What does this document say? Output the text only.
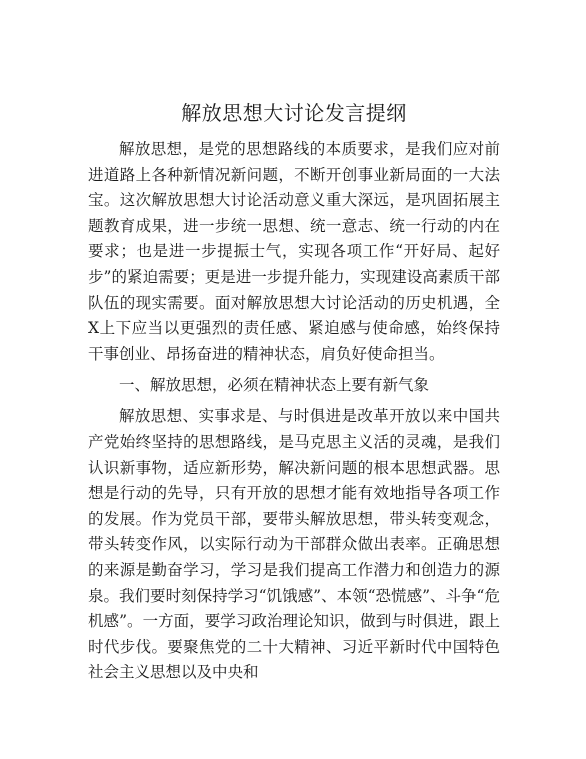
解放思想大讨论发言提纲

解放思想，是党的思想路线的本质要求，是我们应对前进道路上各种新情况新问题，不断开创事业新局面的一大法宝。这次解放思想大讨论活动意义重大深远，是巩固拓展主题教育成果，进一步统一思想、统一意志、统一行动的内在要求；也是进一步提振士气，实现各项工作“开好局、起好步”的紧迫需要；更是进一步提升能力，实现建设高素质干部队伍的现实需要。面对解放思想大讨论活动的历史机遇，全X上下应当以更强烈的责任感、紧迫感与使命感，始终保持干事创业、昂扬奋进的精神状态，肩负好使命担当。

一、解放思想，必须在精神状态上要有新气象

解放思想、实事求是、与时俱进是改革开放以来中国共产党始终坚持的思想路线，是马克思主义活的灵魂，是我们认识新事物，适应新形势，解决新问题的根本思想武器。思想是行动的先导，只有开放的思想才能有效地指导各项工作的发展。作为党员干部，要带头解放思想，带头转变观念，带头转变作风，以实际行动为干部群众做出表率。正确思想的来源是勤奋学习，学习是我们提高工作潜力和创造力的源泉。我们要时刻保持学习“饥饿感”、本领“恐慌感”、斗争“危机感”。一方面，要学习政治理论知识，做到与时俱进，跟上时代步伐。要聚焦党的二十大精神、习近平新时代中国特色社会主义思想以及中央和
